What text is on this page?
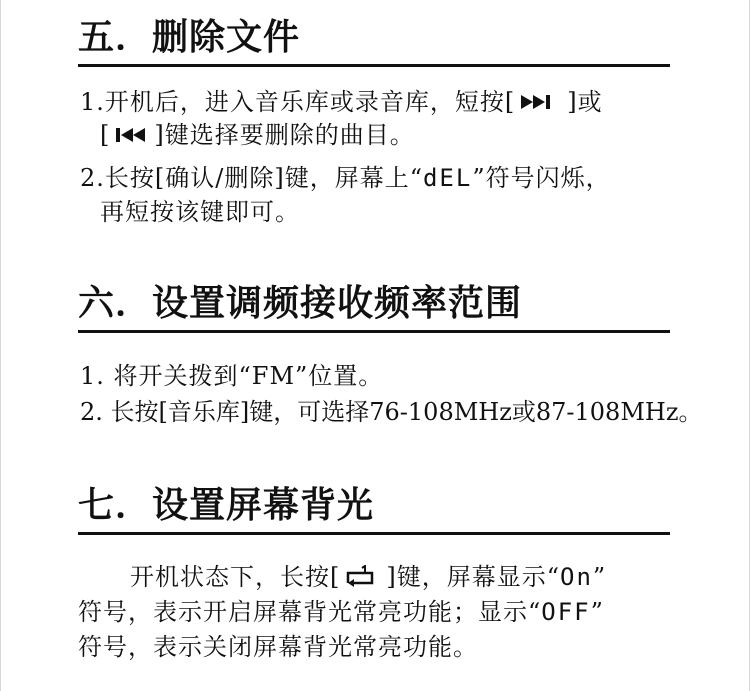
五．删除文件

1.开机后，进入音乐库或录音库，短按[ ]或

[ ]键选择要删除的曲目。

2.长按[确认/删除]键，屏幕上“dEL”符号闪烁，

再短按该键即可。

六．设置调频接收频率范围

1. 将开关拨到“FM”位置。

2. 长按[音乐库]键，可选择76-108MHz或87-108MHz。

七．设置屏幕背光

开机状态下，长按[ ]键，屏幕显示“On”

符号，表示开启屏幕背光常亮功能；显示“OFF”

符号，表示关闭屏幕背光常亮功能。
